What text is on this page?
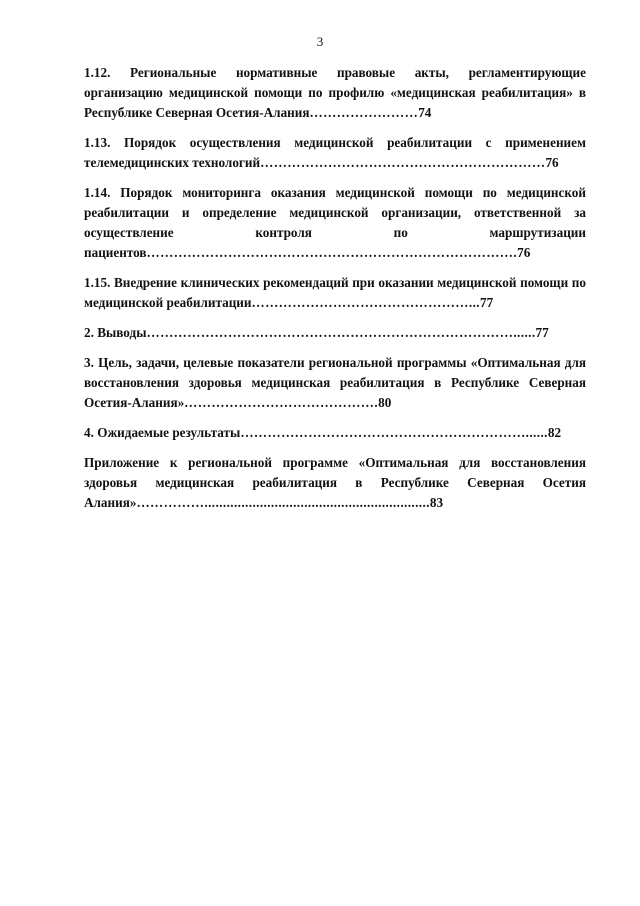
3

1.12. Региональные нормативные правовые акты, регламентирующие организацию медицинской помощи по профилю «медицинская реабилитация» в Республике Северная Осетия-Алания……………………74

1.13. Порядок осуществления медицинской реабилитации с применением телемедицинских технологий………………………………………………………76

1.14. Порядок мониторинга оказания медицинской помощи по медицинской реабилитации и определение медицинской организации, ответственной за осуществление контроля по маршрутизации пациентов……………………………………………………………………….76

1.15. Внедрение клинических рекомендаций при оказании медицинской помощи по медицинской реабилитации…………………………………………...77

2. Выводы………………………………………………………………………......77

3. Цель, задачи, целевые показатели региональной программы «Оптимальная для восстановления здоровья медицинская реабилитация в Республике Северная Осетия-Алания»…………………………………….80

4. Ожидаемые результаты………………………………………………………......82

Приложение к региональной программе «Оптимальная для восстановления здоровья медицинская реабилитация в Республике Северная Осетия Алания»…………….............................................................83
